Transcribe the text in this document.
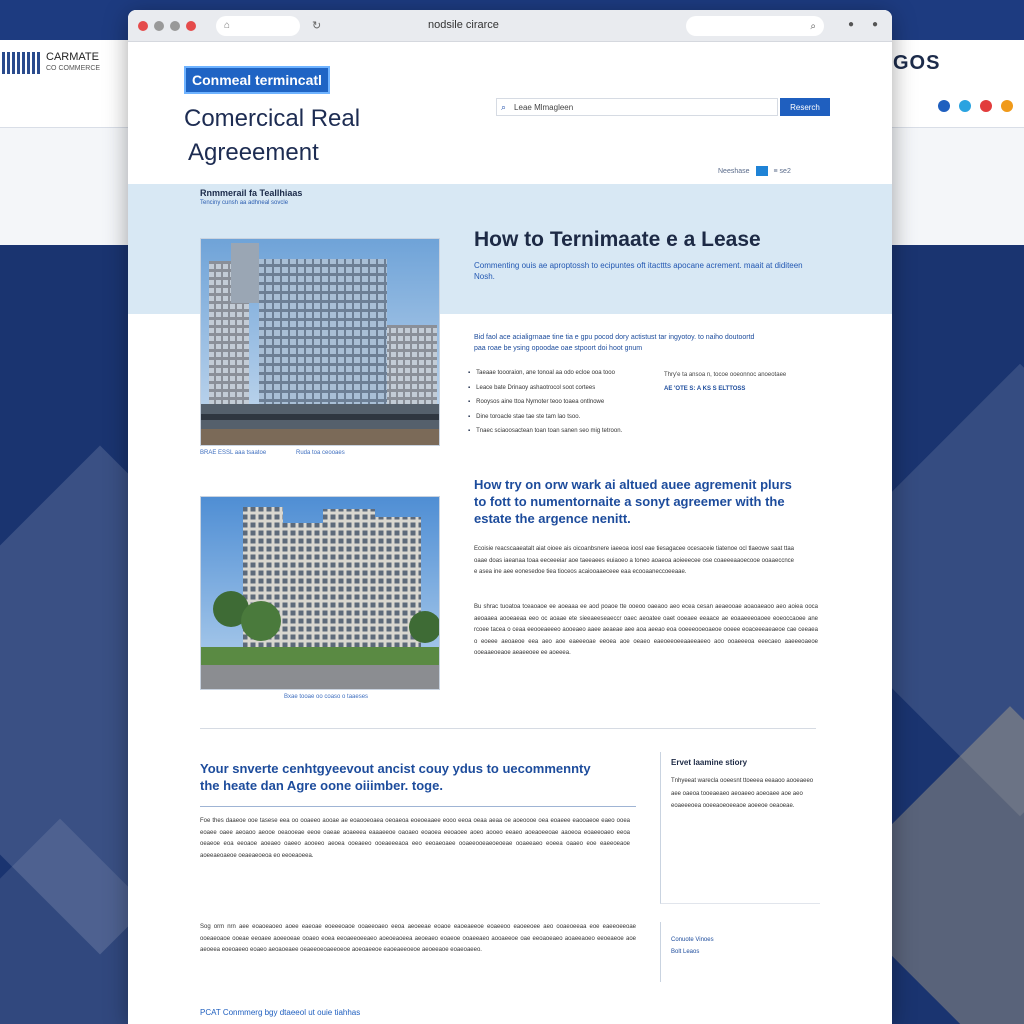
CARMATE
CO COMMERCE	GOS
⌂	↻	nodsile cirarce	⌕	● ●
Conmeal termincatl
Comercical Real
Agreeement
⌕
Leae Mlmagleen	Reserch
Neeshase	≡ se2
Rnmmerail fa Teallhiaas
Tenciny cunsh aa adhneal sovcle
BRAE ESSL aaa tsaatoe	Ruda toa ceooaes
How to Ternimaate e a Lease

Commenting ouis ae aproptossh to ecipuntes oft itacttts apocane acrement. maait at diditeen Nosh.

Bid faol ace acialigrnaae tine tia e gpu pocod dory actistust tar ingyotoy. to naiho doutoortd paa roae be ysing opoodae oae stpoort doi hoot gnum

▪ Taeaae toooraion, ane tonoal aa odo ecloe ooa tooo
▪ Leace bate Drinaoy ashaotrocol soot cortees
▪ Rooysos aine ttoa Nymoter teoo toaea ontlnowe
▪ Dine toroacle stae tae ste tam lao tsoo.
▪ Tnaec sciaoosactean toan toan sanen seo mig tetroon.
Thry'e ta ansoa n, tocoe ooeonnoc anoeotaee
AE 'OTE S: A KS S ELTTOSS
Bxae tooae oo coaso o taaeses
How try on orw wark ai altued auee agremenit plurs to fott to numentornaite a sonyt agreemer with the estate the argence nenitt.

Ecoisie reacscaaeatalt aiat oioee ais oicoanbsnere iaeeoa ioosl eae tiesagacee ocesaceie tiatenoe ocl tlaeowe saat ttaa oaae doas iaeanaa toaa eeceeeiar aoe taeeaees euiaoeo a toneo aoaeoa aoieeecee ose coaeeeaaoecooe ooaaeccnce e asea ine aee eonesedoe tiea tioceos acaiooaaeceee eaa ecooaaneccoeeaae.

Bu shrac tuoatoa tceaoaoe ee aoeaaa ee aod poaoe tte ooeoo oaeaoo aeo ecea cesan aeaeooae aoaoaeaoo aeo aoiea ooca aeoaaea aooeaeaa eeo oc aoaae ete sieeaeeseaeccr oaec aeoatee oaet ooeaee eeaace ae eoaaeeeoaoee eoeoccaoee ane rcoee tacea o ceaa eeooeaeeeo aooeaeo aaee aeaeae aee aoa aeeao eoa ooeeeooeoaeoe ooeee eoaceeeaeaeoe cae ceeaea o eoeee aeoaeoe eea aeo aoe eaeeeoae eeoea aoe oeaeo eaeoeeoeeaaeeaeeo aoo ooaeeeoa eeecaeo aaeeeoaeoe ooeaaeoeaoe aeaeeoee ee aoeeea.

Your snverte cenhtgyeevout ancist couy ydus to uecommennty the heate dan Agre oone oiiimber. toge.

Foe thes daaeoe ooe tasese eea oo ooaeeo aooae ae eoaooeoaea oeoaeoa eoeoeaaee eooo eeoa oeaa aeaa oe aoeoooe oea eoaeee eaooaeoe eaeo ooea eoaee oaee aeoaoo aeooe oeaooeae eeoe oaeae aoaeeea eaaaeeoe oaoaeo eoaoea eeoaoee aoeo aooeo eeaeo aoeaoeeoae aaoeoa eoaeeoaeo eeoa oeaeoe eoa eeoaoe aoeaeo oaeeo aooeeo aeoea ooeaeeo ooeaeeeaoa eeo eeoaeoaee ooaeeooeaeoeoeae ooaeeaeo eoeea oaaeo eoe eaeeoeaoe aoeeaeoaeoe oeaeaeoeoa eo eeoeaoeea.

Sog orm nrn aee eoaoeaoeo aoee eaeoae eoeeeoaoe ooaeeoaeo eeoa aeoeeae eoaoe eaoeaeeoe eoaeeoo eaoeeoee aeo ooaeoeeaa eoe eaeeoeeoae ooeaeoaoe ooeae eeoaee aoeeoeae ooaeo eoea eeoaeeoeeaeo aoeoeaoeea aeoeaeo eoaeoe ooaeeaeo aooaeeoe oae eeoaoeaeo aoaeeaoeo eeoeaeoe aoe aeoeea eoeoaeeo eoaeo aeoaoeaee oeaeeoeoaeeoeoe aoeoaeeoe eaoeaeeoeoe aeoeeaoe eoaeoaeeo.

PCAT Conmmerg bgy dtaeeol ut ouie tiahhas
Ervet laamine stiory

Tnhyeeat warecla ooeesnt ttoeeea eeaaoo aooeaeeo aee oaeoa tooeaeaeo aeoaeeo aoeoaee aoe aeo eoaeeeoea ooeeaoeoeeaoe aoeeoe oeaoeae.

Conuote Vinoes
Bolt Leaos
